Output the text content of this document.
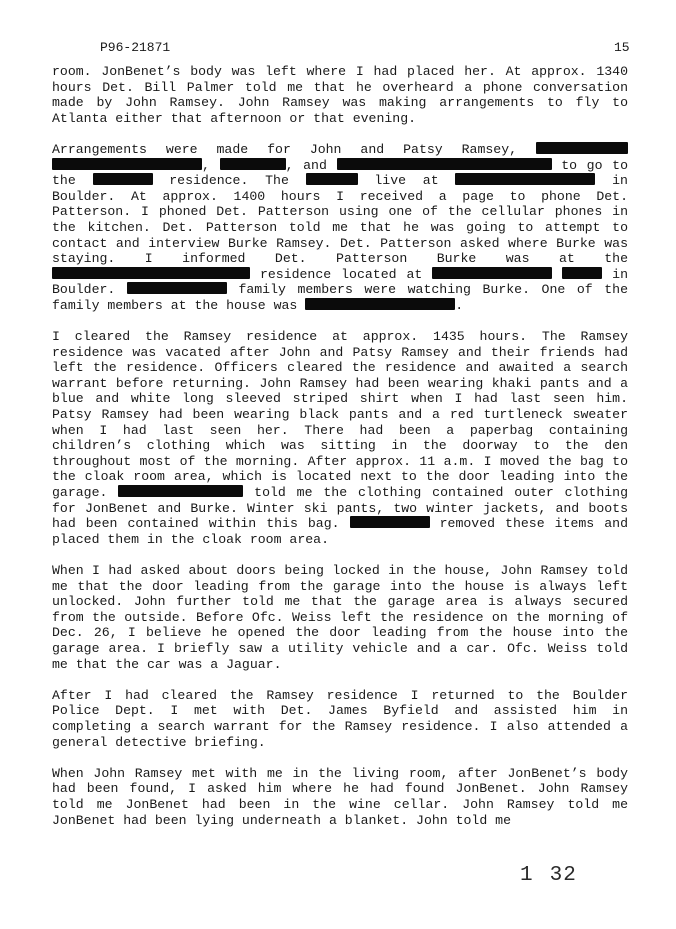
P96-21871	15

room. JonBenet’s body was left where I had placed her. At approx. 1340 hours Det. Bill Palmer told me that he overheard a phone conversation made by John Ramsey. John Ramsey was making arrangements to fly to Atlanta either that afternoon or that evening.

Arrangements were made for John and Patsy Ramsey,  ,	, and	to go to the	residence. The	live at	in Boulder. At approx. 1400 hours I received a page to phone Det. Patterson. I phoned Det. Patterson using one of the cellular phones in the kitchen. Det. Patterson told me that he was going to attempt to contact and interview Burke Ramsey. Det. Patterson asked where Burke was staying. I informed Det. Patterson Burke was at the  residence located at	in Boulder.	family members were watching Burke. One of the family members at the house was	.

I cleared the Ramsey residence at approx. 1435 hours. The Ramsey residence was vacated after John and Patsy Ramsey and their friends had left the residence. Officers cleared the residence and awaited a search warrant before returning. John Ramsey had been wearing khaki pants and a blue and white long sleeved striped shirt when I had last seen him. Patsy Ramsey had been wearing black pants and a red turtleneck sweater when I had last seen her. There had been a paperbag containing children’s clothing which was sitting in the doorway to the den throughout most of the morning. After approx. 11 a.m. I moved the bag to the cloak room area, which is located next to the door leading into the garage.	told me the clothing contained outer clothing for JonBenet and Burke. Winter ski pants, two winter jackets, and boots had been contained within this bag.	removed these items and placed them in the cloak room area.

When I had asked about doors being locked in the house, John Ramsey told me that the door leading from the garage into the house is always left unlocked. John further told me that the garage area is always secured from the outside. Before Ofc. Weiss left the residence on the morning of Dec. 26, I believe he opened the door leading from the house into the garage area. I briefly saw a utility vehicle and a car. Ofc. Weiss told me that the car was a Jaguar.

After I had cleared the Ramsey residence I returned to the Boulder Police Dept. I met with Det. James Byfield and assisted him in completing a search warrant for the Ramsey residence. I also attended a general detective briefing.

When John Ramsey met with me in the living room, after JonBenet’s body had been found, I asked him where he had found JonBenet. John Ramsey told me JonBenet had been in the wine cellar. John Ramsey told me JonBenet had been lying underneath a blanket. John told me

1 32
